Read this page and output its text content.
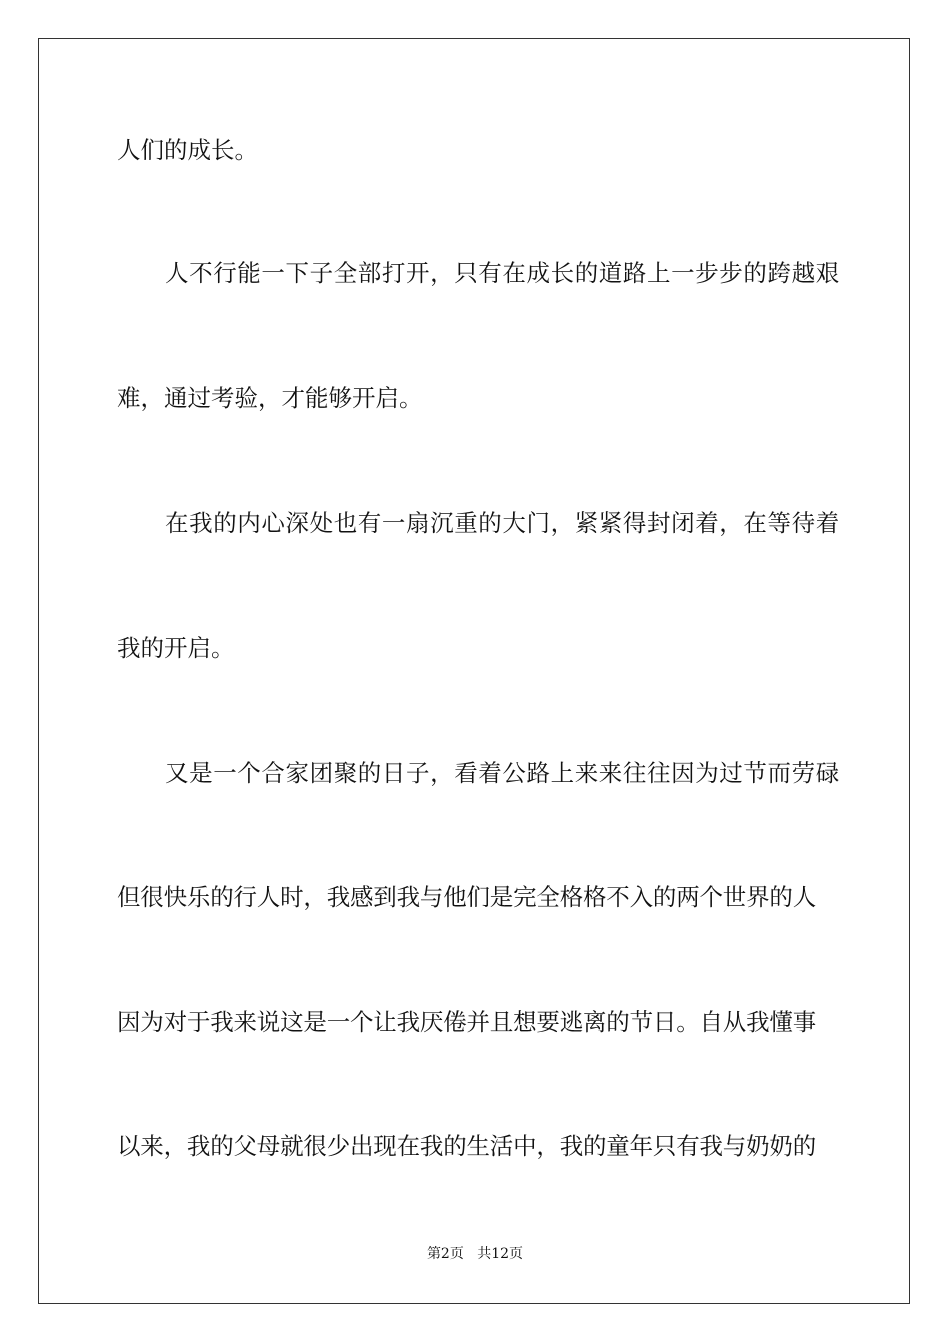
人们的成长。
人不行能一下子全部打开，只有在成长的道路上一步步的跨越艰
难，通过考验，才能够开启。
在我的内心深处也有一扇沉重的大门，紧紧得封闭着，在等待着
我的开启。
又是一个合家团聚的日子，看着公路上来来往往因为过节而劳碌
但很快乐的行人时，我感到我与他们是完全格格不入的两个世界的人
因为对于我来说这是一个让我厌倦并且想要逃离的节日。自从我懂事
以来，我的父母就很少出现在我的生活中，我的童年只有我与奶奶的
第2页 共12页
